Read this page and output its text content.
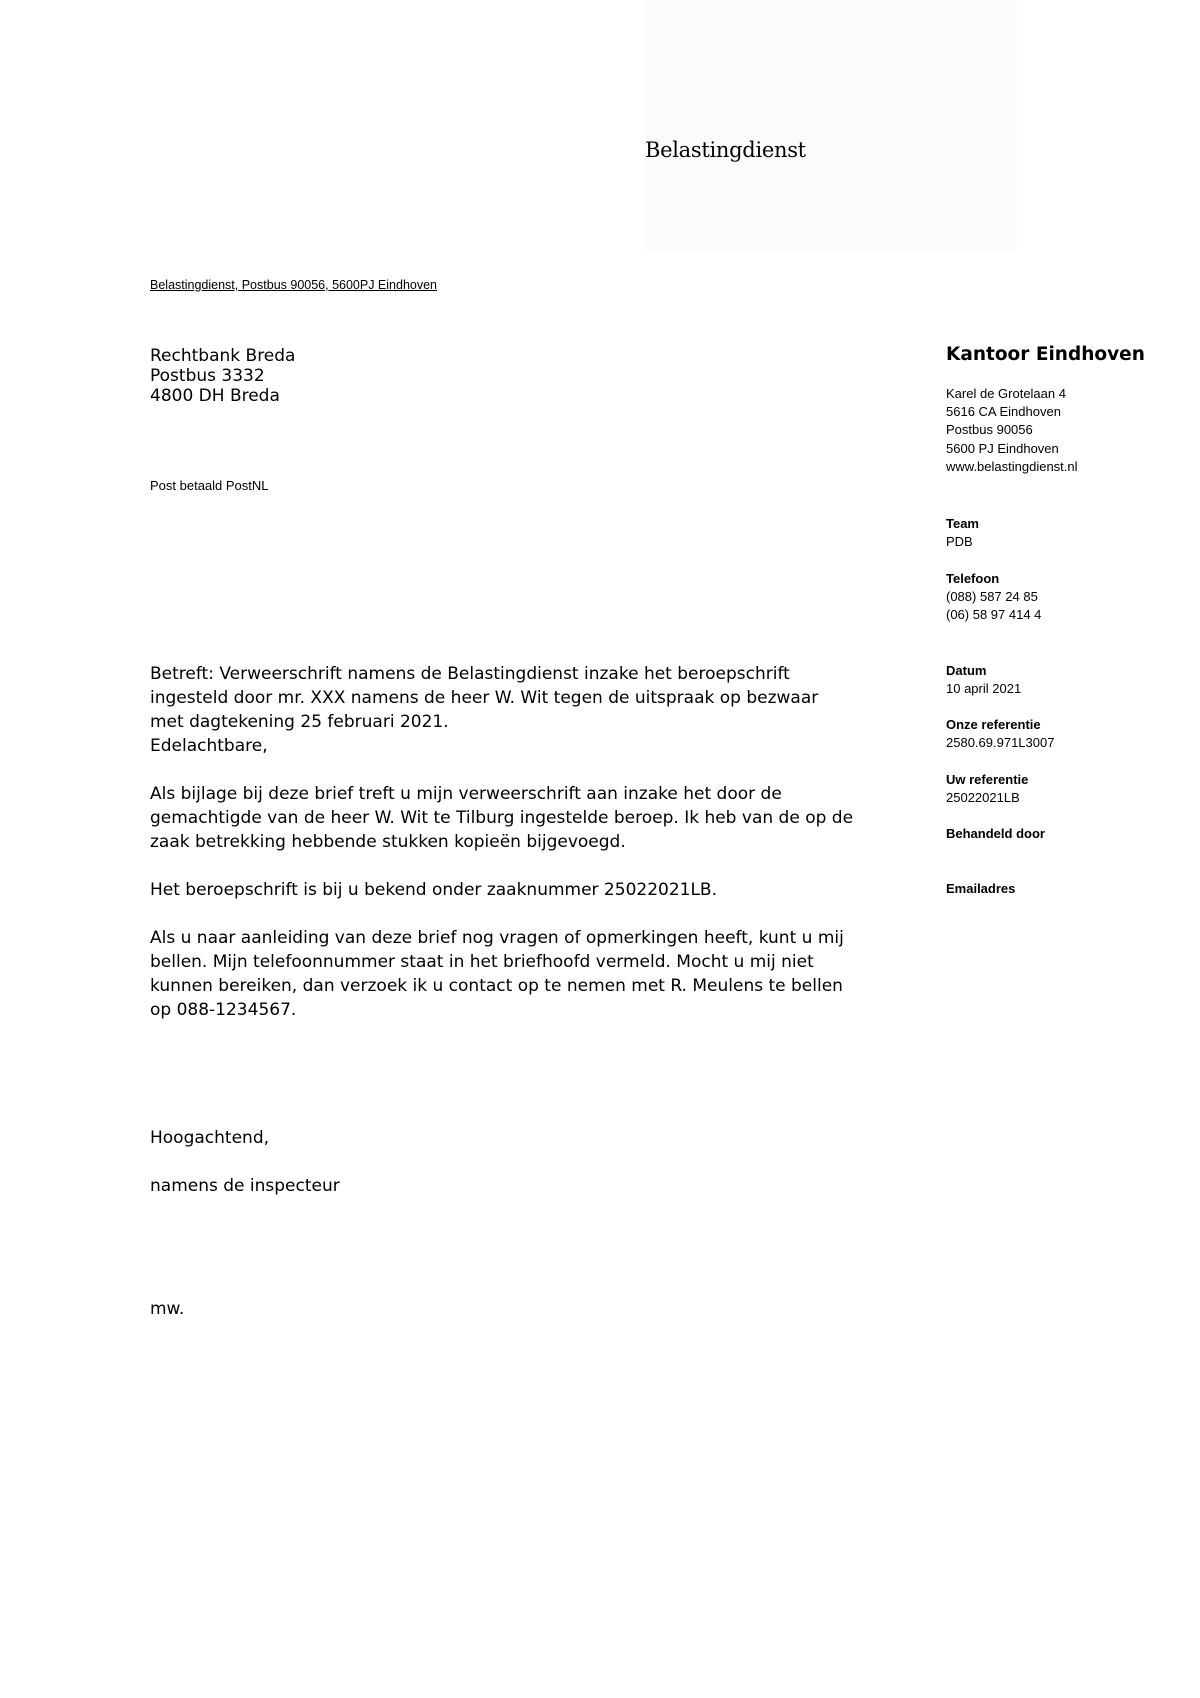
Belastingdienst
Belastingdienst, Postbus 90056, 5600PJ Eindhoven
Rechtbank Breda
Postbus 3332
4800 DH Breda
Post betaald PostNL
Kantoor Eindhoven
Karel de Grotelaan 4
5616 CA Eindhoven
Postbus 90056
5600 PJ Eindhoven
www.belastingdienst.nl
Team
PDB
Telefoon
(088) 587 24 85
(06) 58 97 414 4
Datum
10 april 2021
Onze referentie
2580.69.971L3007
Uw referentie
25022021LB
Behandeld door
Emailadres
Betreft: Verweerschrift namens de Belastingdienst inzake het beroepschrift
ingesteld door mr. XXX namens de heer W. Wit tegen de uitspraak op bezwaar
met dagtekening 25 februari 2021.

Edelachtbare,

Als bijlage bij deze brief treft u mijn verweerschrift aan inzake het door de
gemachtigde van de heer W. Wit te Tilburg ingestelde beroep. Ik heb van de op de
zaak betrekking hebbende stukken kopieën bijgevoegd.

Het beroepschrift is bij u bekend onder zaaknummer 25022021LB.

Als u naar aanleiding van deze brief nog vragen of opmerkingen heeft, kunt u mij
bellen. Mijn telefoonnummer staat in het briefhoofd vermeld. Mocht u mij niet
kunnen bereiken, dan verzoek ik u contact op te nemen met R. Meulens te bellen
op 088-1234567.

Hoogachtend,
namens de inspecteur
mw.
